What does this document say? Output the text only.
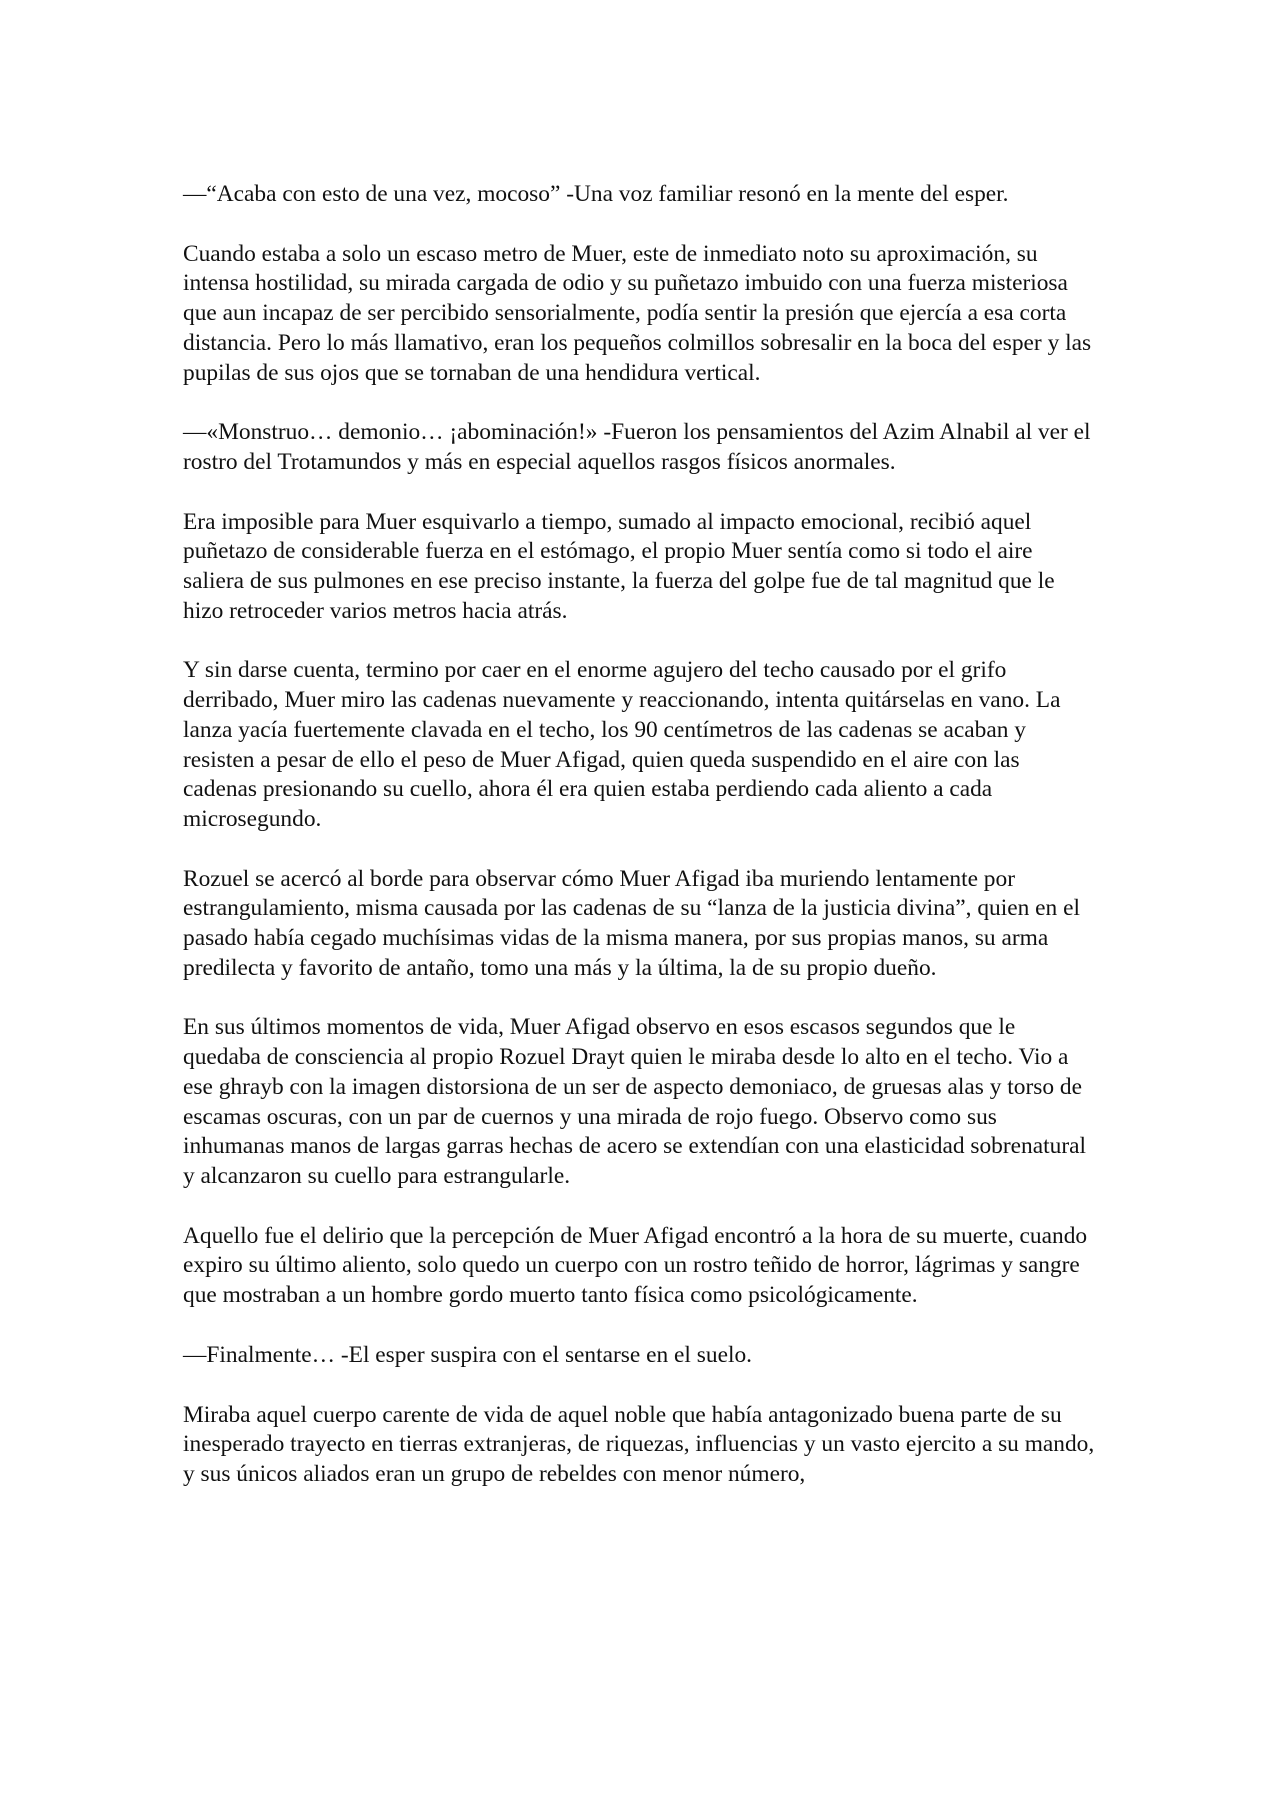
—“Acaba con esto de una vez, mocoso” -Una voz familiar resonó en la mente del esper.

Cuando estaba a solo un escaso metro de Muer, este de inmediato noto su aproximación, su intensa hostilidad, su mirada cargada de odio y su puñetazo imbuido con una fuerza misteriosa que aun incapaz de ser percibido sensorialmente, podía sentir la presión que ejercía a esa corta distancia. Pero lo más llamativo, eran los pequeños colmillos sobresalir en la boca del esper y las pupilas de sus ojos que se tornaban de una hendidura vertical.

—«Monstruo… demonio… ¡abominación!» -Fueron los pensamientos del Azim Alnabil al ver el rostro del Trotamundos y más en especial aquellos rasgos físicos anormales.

Era imposible para Muer esquivarlo a tiempo, sumado al impacto emocional, recibió aquel puñetazo de considerable fuerza en el estómago, el propio Muer sentía como si todo el aire saliera de sus pulmones en ese preciso instante, la fuerza del golpe fue de tal magnitud que le hizo retroceder varios metros hacia atrás.

Y sin darse cuenta, termino por caer en el enorme agujero del techo causado por el grifo derribado, Muer miro las cadenas nuevamente y reaccionando, intenta quitárselas en vano. La lanza yacía fuertemente clavada en el techo, los 90 centímetros de las cadenas se acaban y resisten a pesar de ello el peso de Muer Afigad, quien queda suspendido en el aire con las cadenas presionando su cuello, ahora él era quien estaba perdiendo cada aliento a cada microsegundo.

Rozuel se acercó al borde para observar cómo Muer Afigad iba muriendo lentamente por estrangulamiento, misma causada por las cadenas de su “lanza de la justicia divina”, quien en el pasado había cegado muchísimas vidas de la misma manera, por sus propias manos, su arma predilecta y favorito de antaño, tomo una más y la última, la de su propio dueño.

En sus últimos momentos de vida, Muer Afigad observo en esos escasos segundos que le quedaba de consciencia al propio Rozuel Drayt quien le miraba desde lo alto en el techo. Vio a ese ghrayb con la imagen distorsiona de un ser de aspecto demoniaco, de gruesas alas y torso de escamas oscuras, con un par de cuernos y una mirada de rojo fuego. Observo como sus inhumanas manos de largas garras hechas de acero se extendían con una elasticidad sobrenatural y alcanzaron su cuello para estrangularle.

Aquello fue el delirio que la percepción de Muer Afigad encontró a la hora de su muerte, cuando expiro su último aliento, solo quedo un cuerpo con un rostro teñido de horror, lágrimas y sangre que mostraban a un hombre gordo muerto tanto física como psicológicamente.

—Finalmente… -El esper suspira con el sentarse en el suelo.

Miraba aquel cuerpo carente de vida de aquel noble que había antagonizado buena parte de su inesperado trayecto en tierras extranjeras, de riquezas, influencias y un vasto ejercito a su mando, y sus únicos aliados eran un grupo de rebeldes con menor número,
